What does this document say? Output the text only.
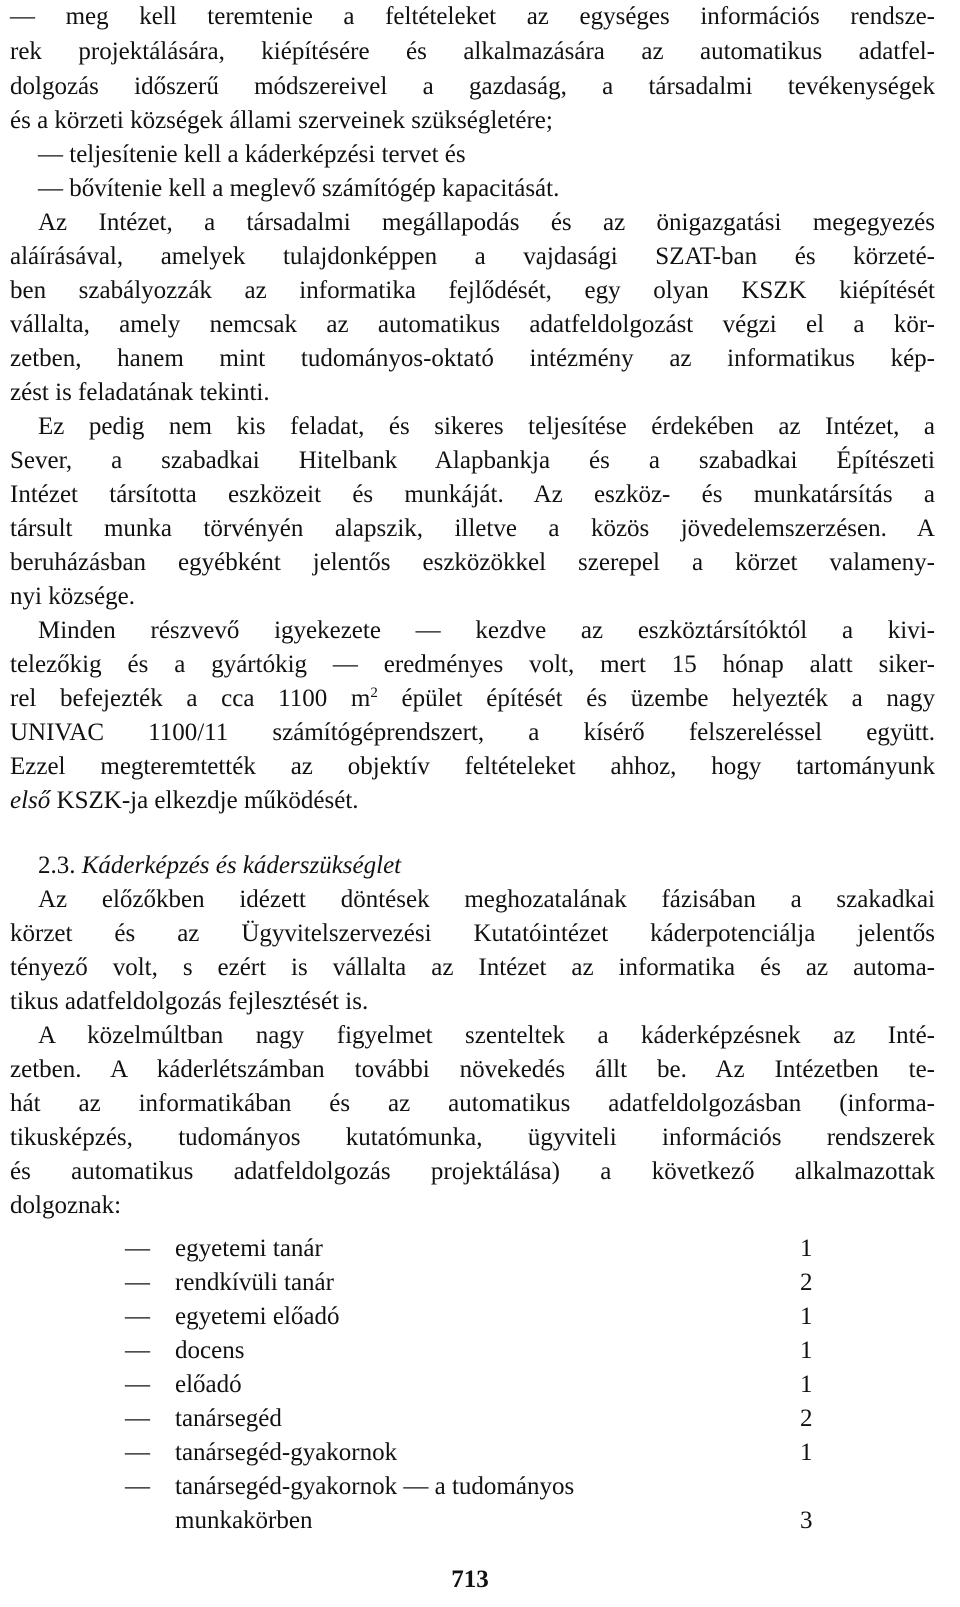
— meg kell teremtenie a feltételeket az egységes információs rendsze-
rek projektálására, kiépítésére és alkalmazására az automatikus adatfel-
dolgozás időszerű módszereivel a gazdaság, a társadalmi tevékenységek
és a körzeti községek állami szerveinek szükségletére;
— teljesítenie kell a káderképzési tervet és
— bővítenie kell a meglevő számítógép kapacitását.
Az Intézet, a társadalmi megállapodás és az önigazgatási megegyezés
aláírásával, amelyek tulajdonképpen a vajdasági SZAT-ban és körzeté-
ben szabályozzák az informatika fejlődését, egy olyan KSZK kiépítését
vállalta, amely nemcsak az automatikus adatfeldolgozást végzi el a kör-
zetben, hanem mint tudományos-oktató intézmény az informatikus kép-
zést is feladatának tekinti.
Ez pedig nem kis feladat, és sikeres teljesítése érdekében az Intézet, a
Sever, a szabadkai Hitelbank Alapbankja és a szabadkai Építészeti
Intézet társította eszközeit és munkáját. Az eszköz- és munkatársítás a
társult munka törvényén alapszik, illetve a közös jövedelemszerzésen. A
beruházásban egyébként jelentős eszközökkel szerepel a körzet valameny-
nyi községe.
Minden részvevő igyekezete — kezdve az eszköztársítóktól a kivi-
telezőkig és a gyártókig — eredményes volt, mert 15 hónap alatt siker-
rel befejezték a cca 1100 $m^2$ épület építését és üzembe helyezték a nagy
UNIVAC 1100/11 számítógéprendszert, a kísérő felszereléssel együtt.
Ezzel megteremtették az objektív feltételeket ahhoz, hogy tartományunk
első KSZK-ja elkezdje működését.
2.3. Káderképzés és káderszükséglet
Az előzőkben idézett döntések meghozatalának fázisában a szakadkai
körzet és az Ügyvitelszervezési Kutatóintézet káderpotenciálja jelentős
tényező volt, s ezért is vállalta az Intézet az informatika és az automa-
tikus adatfeldolgozás fejlesztését is.
A közelmúltban nagy figyelmet szenteltek a káderképzésnek az Inté-
zetben. A káderlétszámban további növekedés állt be. Az Intézetben te-
hát az informatikában és az automatikus adatfeldolgozásban (informa-
tikusképzés, tudományos kutatómunka, ügyviteli információs rendszerek
és automatikus adatfeldolgozás projektálása) a következő alkalmazottak
dolgoznak:
— egyetemi tanár	1
— rendkívüli tanár	2
— egyetemi előadó	1
— docens	1
— előadó	1
— tanársegéd	2
— tanársegéd-gyakornok	1
— tanársegéd-gyakornok — a tudományos
munkakörben	3
713
